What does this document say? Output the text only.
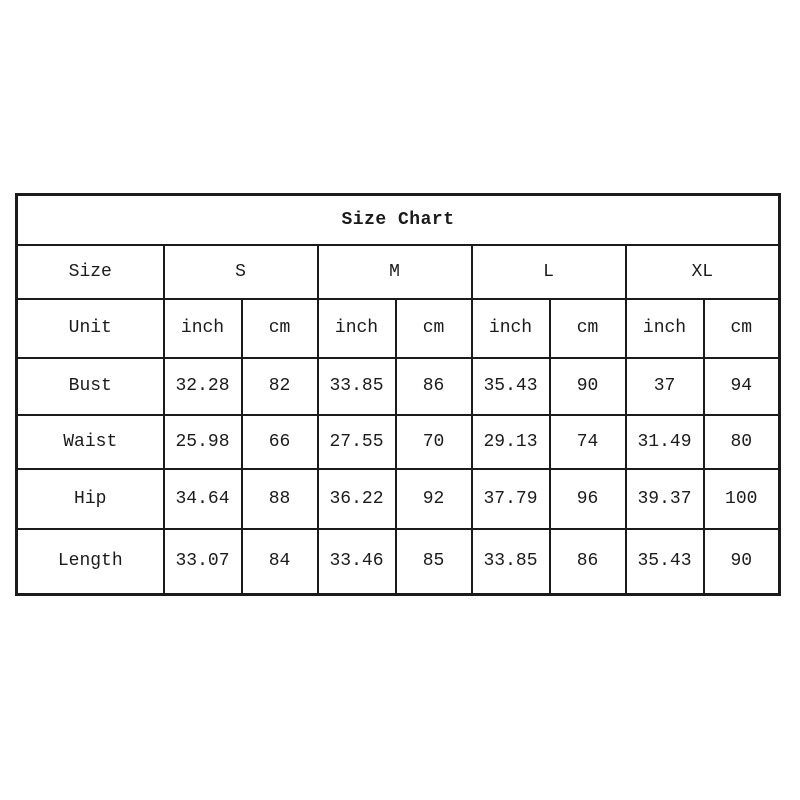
Size Chart								
Size	S		M		L		XL	
Unit	inch	cm	inch	cm	inch	cm	inch	cm
Bust	32.28	82	33.85	86	35.43	90	37	94
Waist	25.98	66	27.55	70	29.13	74	31.49	80
Hip	34.64	88	36.22	92	37.79	96	39.37	100
Length	33.07	84	33.46	85	33.85	86	35.43	90
